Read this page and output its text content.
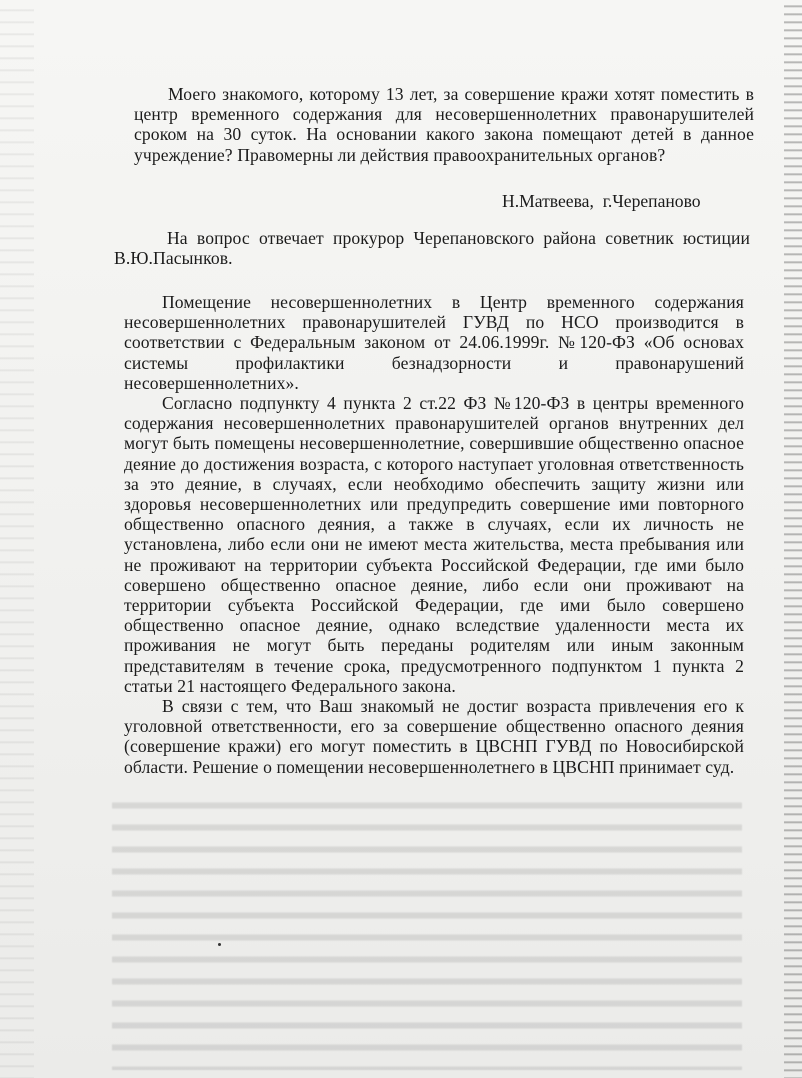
Моего знакомого, которому 13 лет, за совершение кражи хотят поместить в центр временного содержания для несовершеннолетних правонарушителей сроком на 30 суток. На основании какого закона помещают детей в данное учреждение? Правомерны ли действия правоохранительных органов?
Н.Матвеева,  г.Черепаново
На вопрос отвечает прокурор Черепановского района советник юстиции В.Ю.Пасынков.

Помещение несовершеннолетних в Центр временного содержания несовершеннолетних правонарушителей ГУВД по НСО производится в соответствии с Федеральным законом от 24.06.1999г. №120-ФЗ «Об основах системы профилактики безнадзорности и правонарушений несовершеннолетних».

Согласно подпункту 4 пункта 2 ст.22 ФЗ №120-ФЗ в центры временного содержания несовершеннолетних правонарушителей органов внутренних дел могут быть помещены несовершеннолетние, совершившие общественно опасное деяние до достижения возраста, с которого наступает уголовная ответственность за это деяние, в случаях, если необходимо обеспечить защиту жизни или здоровья несовершеннолетних или предупредить совершение ими повторного общественно опасного деяния, а также в случаях, если их личность не установлена, либо если они не имеют места жительства, места пребывания или не проживают на территории субъекта Российской Федерации, где ими было совершено общественно опасное деяние, либо если они проживают на территории субъекта Российской Федерации, где ими было совершено общественно опасное деяние, однако вследствие удаленности места их проживания не могут быть переданы родителям или иным законным представителям в течение срока, предусмотренного подпунктом 1 пункта 2 статьи 21 настоящего Федерального закона.

В связи с тем, что Ваш знакомый не достиг возраста привлечения его к уголовной ответственности, его за совершение общественно опасного деяния (совершение кражи) его могут поместить в ЦВСНП ГУВД по Новосибирской области. Решение о помещении несовершеннолетнего в ЦВСНП принимает суд.
